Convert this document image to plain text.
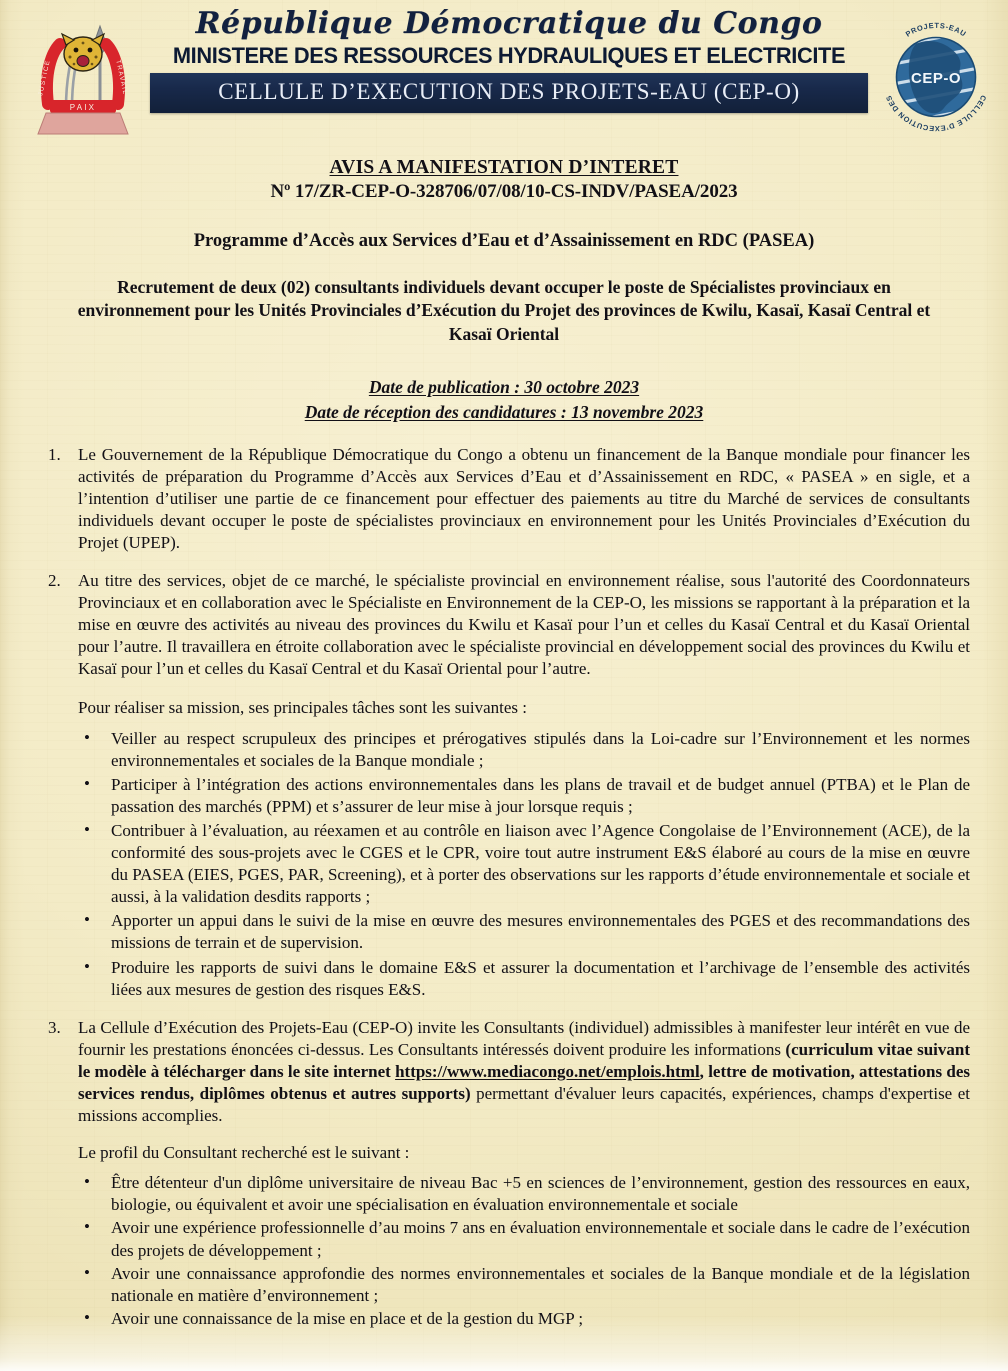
PAIX
JUSTICE	TRAVAIL
République Démocratique du Congo
MINISTERE DES RESSOURCES HYDRAULIQUES ET ELECTRICITE
CELLULE D’EXECUTION DES PROJETS-EAU (CEP-O)	CEP-O
PROJETS-EAU
CELLULE D’EXECUTION DES
AVIS A MANIFESTATION D’INTERET
Nº 17/ZR-CEP-O-328706/07/08/10-CS-INDV/PASEA/2023
Programme d’Accès aux Services d’Eau et d’Assainissement en RDC (PASEA)
Recrutement de deux (02) consultants individuels devant occuper le poste de Spécialistes provinciaux en environnement pour les Unités Provinciales d’Exécution du Projet des provinces de Kwilu, Kasaï, Kasaï Central et Kasaï Oriental
Date de publication : 30 octobre 2023
Date de réception des candidatures : 13 novembre 2023
1. Le Gouvernement de la République Démocratique du Congo a obtenu un financement de la Banque mondiale pour financer les activités de préparation du Programme d’Accès aux Services d’Eau et d’Assainissement en RDC, « PASEA » en sigle, et a l’intention d’utiliser une partie de ce financement pour effectuer des paiements au titre du Marché de services de consultants individuels devant occuper le poste de spécialistes provinciaux en environnement pour les Unités Provinciales d’Exécution du Projet (UPEP).
2. Au titre des services, objet de ce marché, le spécialiste provincial en environnement réalise, sous l'autorité des Coordonnateurs Provinciaux et en collaboration avec le Spécialiste en Environnement de la CEP-O, les missions se rapportant à la préparation et la mise en œuvre des activités au niveau des provinces du Kwilu et Kasaï pour l’un et celles du Kasaï Central et du Kasaï Oriental pour l’autre. Il travaillera en étroite collaboration avec le spécialiste provincial en développement social des provinces du Kwilu et Kasaï pour l’un et celles du Kasaï Central et du Kasaï Oriental pour l’autre.
Pour réaliser sa mission, ses principales tâches sont les suivantes :
• Veiller au respect scrupuleux des principes et prérogatives stipulés dans la Loi-cadre sur l’Environnement et les normes environnementales et sociales de la Banque mondiale ;
• Participer à l’intégration des actions environnementales dans les plans de travail et de budget annuel (PTBA) et le Plan de passation des marchés (PPM) et s’assurer de leur mise à jour lorsque requis ;
• Contribuer à l’évaluation, au réexamen et au contrôle en liaison avec l’Agence Congolaise de l’Environnement (ACE), de la conformité des sous-projets avec le CGES et le CPR, voire tout autre instrument E&S élaboré au cours de la mise en œuvre du PASEA (EIES, PGES, PAR, Screening), et à porter des observations sur les rapports d’étude environnementale et sociale et aussi, à la validation desdits rapports ;
• Apporter un appui dans le suivi de la mise en œuvre des mesures environnementales des PGES et des recommandations des missions de terrain et de supervision.
• Produire les rapports de suivi dans le domaine E&S et assurer la documentation et l’archivage de l’ensemble des activités liées aux mesures de gestion des risques E&S.
3. La Cellule d’Exécution des Projets-Eau (CEP-O) invite les Consultants (individuel) admissibles à manifester leur intérêt en vue de fournir les prestations énoncées ci-dessus. Les Consultants intéressés doivent produire les informations (curriculum vitae suivant le modèle à télécharger dans le site internet https://www.mediacongo.net/emplois.html, lettre de motivation, attestations des services rendus, diplômes obtenus et autres supports) permettant d'évaluer leurs capacités, expériences, champs d'expertise et missions accomplies.
Le profil du Consultant recherché est le suivant :
• Être détenteur d'un diplôme universitaire de niveau Bac +5 en sciences de l’environnement, gestion des ressources en eaux, biologie, ou équivalent et avoir une spécialisation en évaluation environnementale et sociale
• Avoir une expérience professionnelle d’au moins 7 ans en évaluation environnementale et sociale dans le cadre de l’exécution des projets de développement ;
• Avoir une connaissance approfondie des normes environnementales et sociales de la Banque mondiale et de la législation nationale en matière d’environnement ;
• Avoir une connaissance de la mise en place et de la gestion du MGP ;
